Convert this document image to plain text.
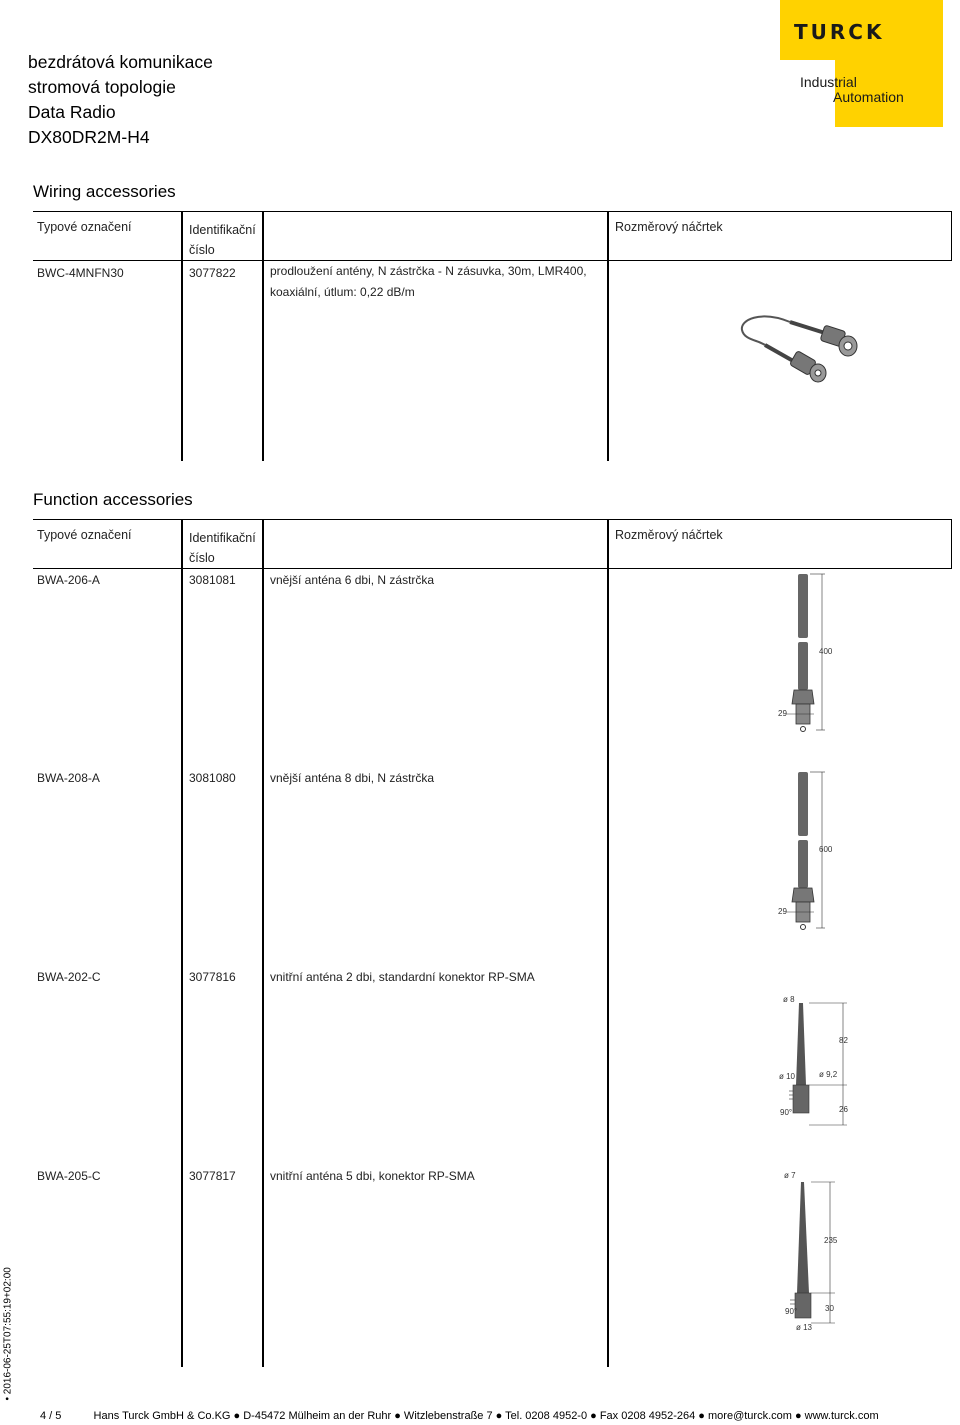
bezdrátová komunikace
stromová topologie
Data Radio
DX80DR2M-H4
TURCK
Industrial
Automation
Wiring accessories
Typové označení	Identifikační číslo
Rozměrový náčrtek
BWC-4MNFN30	3077822	prodloužení antény, N zástrčka - N zásuvka, 30m, LMR400,
koaxiální, útlum: 0,22 dB/m
Function accessories
Typové označení	Identifikační číslo
Rozměrový náčrtek
BWA-206-A	3081081	vnější anténa 6 dbi, N zástrčka
BWA-208-A	3081080	vnější anténa 8 dbi, N zástrčka
BWA-202-C	3077816	vnitřní anténa 2 dbi, standardní konektor RP-SMA
BWA-205-C	3077817	vnitřní anténa 5 dbi, konektor RP-SMA
400
29
600
29
ø 8
82
ø 10	ø 9,2
90°	26
ø 7
235
90°	30
ø 13
• 2016-06-25T07:55:19+02:00
4 / 5	Hans Turck GmbH & Co.KG ● D-45472 Mülheim an der Ruhr ● Witzlebenstraße 7 ● Tel. 0208 4952-0 ● Fax 0208 4952-264 ● more@turck.com ● www.turck.com
